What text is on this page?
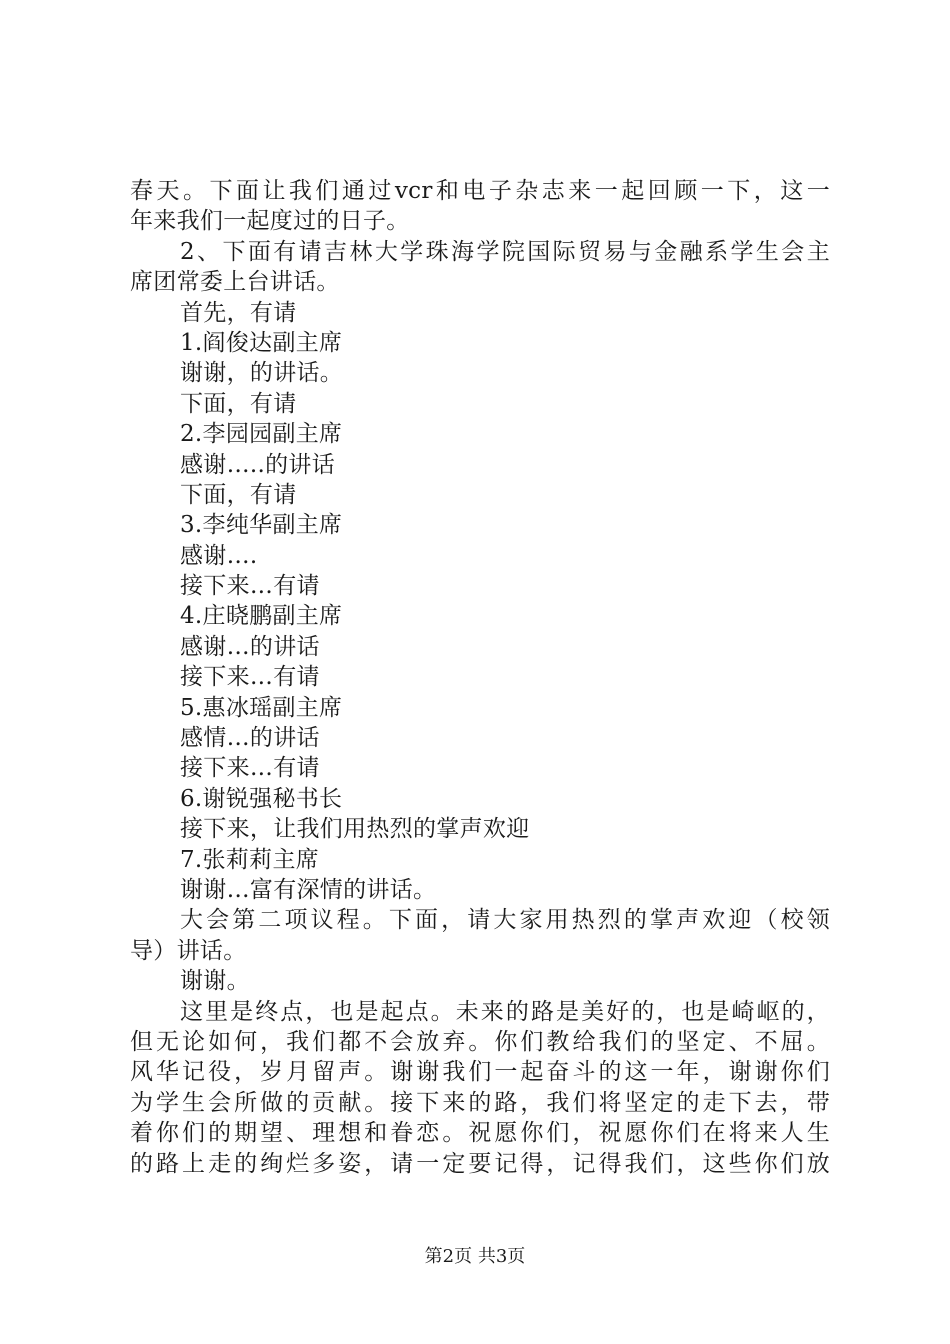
春天。下面让我们通过vcr和电子杂志来一起回顾一下，这一
年来我们一起度过的日子。
2、下面有请吉林大学珠海学院国际贸易与金融系学生会主
席团常委上台讲话。
首先，有请
1.阎俊达副主席
谢谢，的讲话。
下面，有请
2.李园园副主席
感谢…..的讲话
下面，有请
3.李纯华副主席
感谢….
接下来…有请
4.庄晓鹏副主席
感谢…的讲话
接下来…有请
5.惠冰瑶副主席
感情…的讲话
接下来…有请
6.谢锐强秘书长
接下来，让我们用热烈的掌声欢迎
7.张莉莉主席
谢谢…富有深情的讲话。
大会第二项议程。下面，请大家用热烈的掌声欢迎（校领
导）讲话。
谢谢。
这里是终点，也是起点。未来的路是美好的，也是崎岖的，
但无论如何，我们都不会放弃。你们教给我们的坚定、不屈。
风华记役，岁月留声。谢谢我们一起奋斗的这一年，谢谢你们
为学生会所做的贡献。接下来的路，我们将坚定的走下去，带
着你们的期望、理想和眷恋。祝愿你们，祝愿你们在将来人生
的路上走的绚烂多姿，请一定要记得，记得我们，这些你们放
第2页 共3页
